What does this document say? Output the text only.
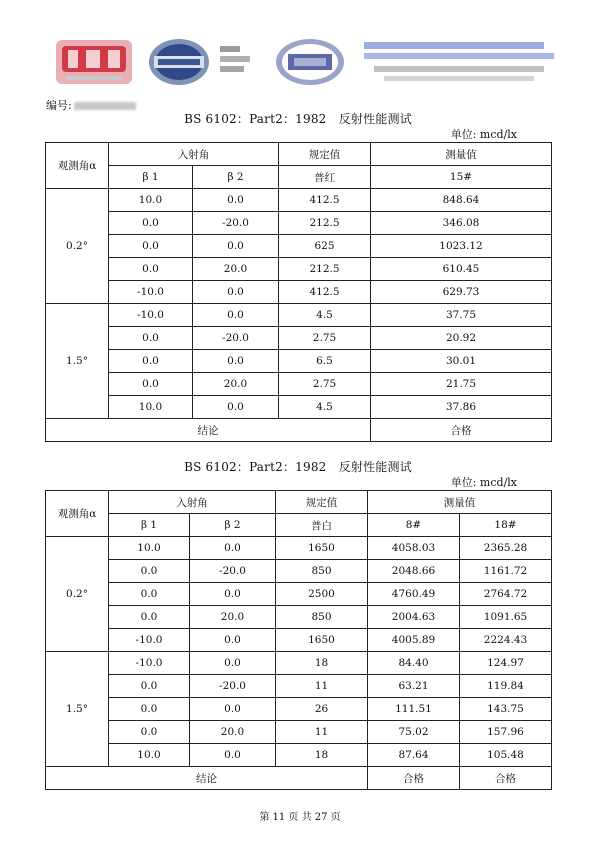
编号:
BS 6102：Part2：1982　反射性能测试
单位: mcd/lx
观测角α	入射角		规定值	测量值
	β 1	β 2	普红	15#
0.2°	10.0	0.0	412.5	848.64
	0.0	-20.0	212.5	346.08
	0.0	0.0	625	1023.12
	0.0	20.0	212.5	610.45
	-10.0	0.0	412.5	629.73
1.5°	-10.0	0.0	4.5	37.75
	0.0	-20.0	2.75	20.92
	0.0	0.0	6.5	30.01
	0.0	20.0	2.75	21.75
	10.0	0.0	4.5	37.86
结论				合格
BS 6102：Part2：1982　反射性能测试
单位: mcd/lx
观测角α	入射角		规定值	测量值	
	β 1	β 2	普白	8#	18#
0.2°	10.0	0.0	1650	4058.03	2365.28
	0.0	-20.0	850	2048.66	1161.72
	0.0	0.0	2500	4760.49	2764.72
	0.0	20.0	850	2004.63	1091.65
	-10.0	0.0	1650	4005.89	2224.43
1.5°	-10.0	0.0	18	84.40	124.97
	0.0	-20.0	11	63.21	119.84
	0.0	0.0	26	111.51	143.75
	0.0	20.0	11	75.02	157.96
	10.0	0.0	18	87.64	105.48
结论				合格	合格
第 11 页 共 27 页
